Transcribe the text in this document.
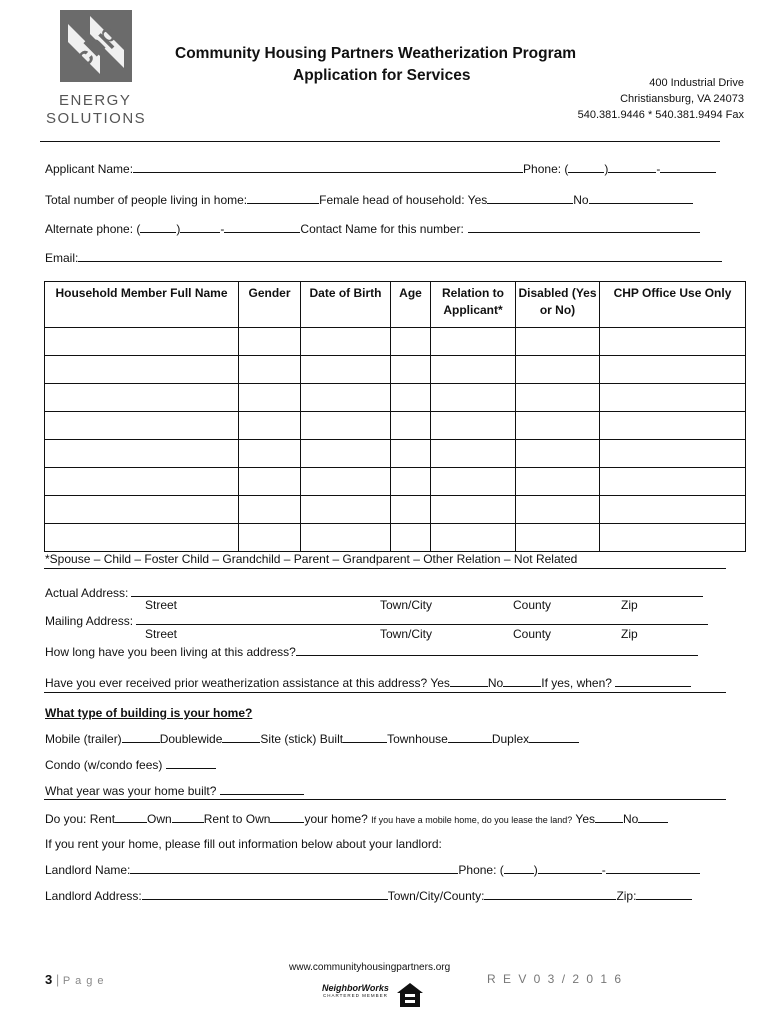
chp
ENERGY
SOLUTIONS
Community Housing Partners Weatherization Program
Application for Services	400 Industrial Drive
Christiansburg, VA 24073
540.381.9446 * 540.381.9494 Fax
Applicant Name:	Phone: (	)	-
Total number of people living in home:	Female head of household: Yes	No
Alternate phone: (	)	-	Contact Name for this number:
Email:
Household Member Full Name	Gender	Date of Birth	Age	Relation to Applicant*	Disabled (Yes or No)	CHP Office Use Only

*Spouse – Child – Foster Child – Grandchild – Parent – Grandparent – Other Relation – Not Related
Actual Address:
Street	Town/City	County	Zip
Mailing Address:
Street	Town/City	County	Zip
How long have you been living at this address?
Have you ever received prior weatherization assistance at this address? Yes	No	If yes, when?
What type of building is your home?
Mobile (trailer)	Doublewide	Site (stick) Built	Townhouse	Duplex
Condo (w/condo fees)
What year was your home built?
Do you: Rent	Own	Rent to Own	your home? If you have a mobile home, do you lease the land? Yes No
If you rent your home, please fill out information below about your landlord:
Landlord Name:	Phone: (	)	-
Landlord Address:	Town/City/County:	Zip:
3 | P a g e
www.communityhousingpartners.org
NeighborWorks
CHARTERED MEMBER
R E V 0 3 / 2 0 1 6
